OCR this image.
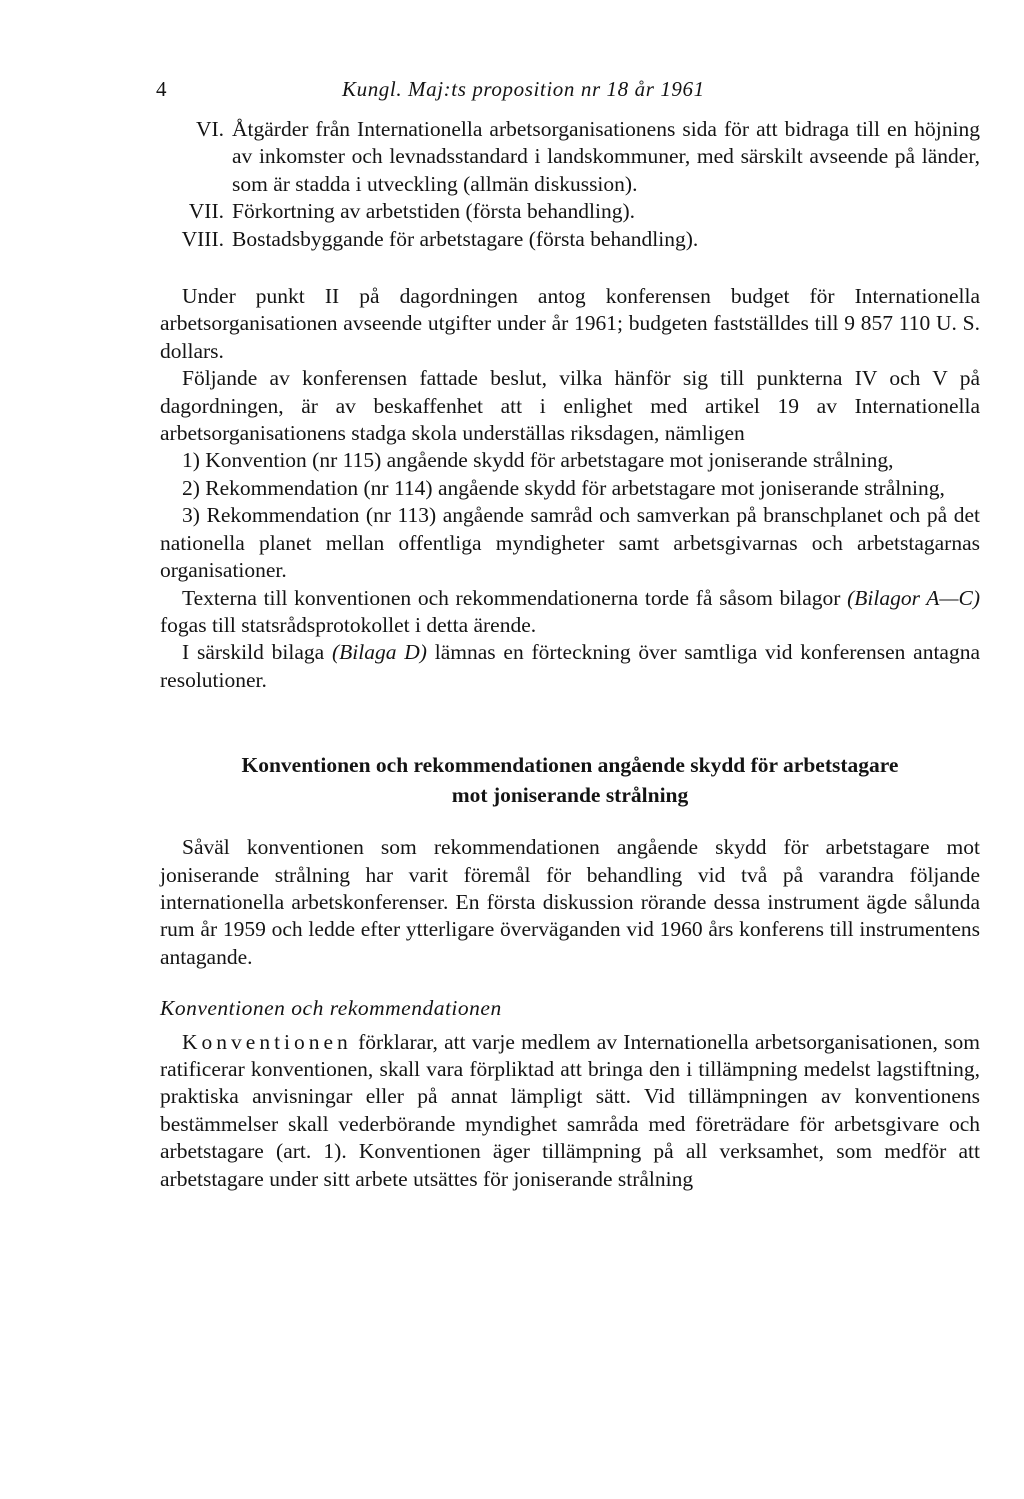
4	Kungl. Maj:ts proposition nr 18 år 1961
VI. Åtgärder från Internationella arbetsorganisationens sida för att bidraga till en höjning av inkomster och levnadsstandard i landskommuner, med särskilt avseende på länder, som är stadda i utveckling (allmän diskussion).
VII. Förkortning av arbetstiden (första behandling).
VIII. Bostadsbyggande för arbetstagare (första behandling).

Under punkt II på dagordningen antog konferensen budget för Internationella arbetsorganisationen avseende utgifter under år 1961; budgeten fastställdes till 9 857 110 U. S. dollars.

Följande av konferensen fattade beslut, vilka hänför sig till punkterna IV och V på dagordningen, är av beskaffenhet att i enlighet med artikel 19 av Internationella arbetsorganisationens stadga skola underställas riksdagen, nämligen

1) Konvention (nr 115) angående skydd för arbetstagare mot joniserande strålning,

2) Rekommendation (nr 114) angående skydd för arbetstagare mot joniserande strålning,

3) Rekommendation (nr 113) angående samråd och samverkan på branschplanet och på det nationella planet mellan offentliga myndigheter samt arbetsgivarnas och arbetstagarnas organisationer.

Texterna till konventionen och rekommendationerna torde få såsom bilagor (Bilagor A—C) fogas till statsrådsprotokollet i detta ärende.

I särskild bilaga (Bilaga D) lämnas en förteckning över samtliga vid konferensen antagna resolutioner.

Konventionen och rekommendationen angående skydd för arbetstagare
mot joniserande strålning

Såväl konventionen som rekommendationen angående skydd för arbetstagare mot joniserande strålning har varit föremål för behandling vid två på varandra följande internationella arbetskonferenser. En första diskussion rörande dessa instrument ägde sålunda rum år 1959 och ledde efter ytterligare överväganden vid 1960 års konferens till instrumentens antagande.

Konventionen och rekommendationen

Konventionen förklarar, att varje medlem av Internationella arbetsorganisationen, som ratificerar konventionen, skall vara förpliktad att bringa den i tillämpning medelst lagstiftning, praktiska anvisningar eller på annat lämpligt sätt. Vid tillämpningen av konventionens bestämmelser skall vederbörande myndighet samråda med företrädare för arbetsgivare och arbetstagare (art. 1). Konventionen äger tillämpning på all verksamhet, som medför att arbetstagare under sitt arbete utsättes för joniserande strålning
